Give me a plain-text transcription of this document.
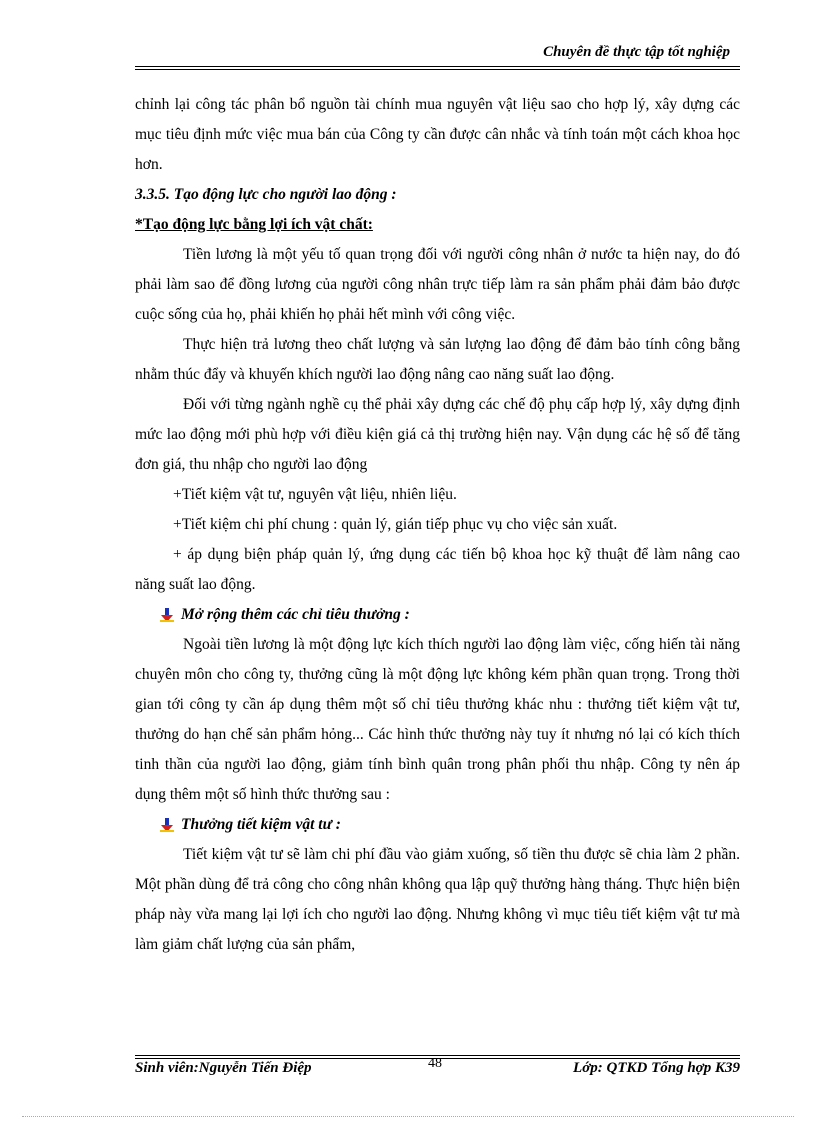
Chuyên đề thực tập tốt nghiệp

chỉnh lại công tác phân bổ nguồn tài chính mua nguyên vật liệu sao cho hợp lý, xây dựng các mục tiêu định mức việc mua bán của Công ty cần được cân nhắc và tính toán một cách khoa học hơn.

3.3.5. Tạo động lực cho người lao động :
*Tạo động lực bằng lợi ích vật chất:

Tiền lương là một yếu tố quan trọng đối với người công nhân ở nước ta hiện nay, do đó phải làm sao để đồng lương của người công nhân trực tiếp làm ra sản phẩm phải đảm bảo được cuộc sống của họ, phải khiến họ phải hết mình với công việc.

Thực hiện trả lương theo chất lượng và sản lượng lao động để đảm bảo tính công bằng nhằm thúc đẩy và khuyến khích người lao động nâng cao năng suất lao động.

Đối với từng ngành nghề cụ thể phải xây dựng các chế độ phụ cấp hợp lý, xây dựng định mức lao động mới phù hợp với điều kiện giá cả thị trường hiện nay. Vận dụng các hệ số để tăng đơn giá, thu nhập cho người lao động

+Tiết kiệm vật tư, nguyên vật liệu, nhiên liệu.
+Tiết kiệm chi phí chung : quản lý, gián tiếp phục vụ cho việc sản xuất.

+ áp dụng biện pháp quản lý, ứng dụng các tiến bộ khoa học kỹ thuật để làm nâng cao năng suất lao động.

Mở rộng thêm các chỉ tiêu thưởng :

Ngoài tiền lương là một động lực kích thích người lao động làm việc, cống hiến tài năng chuyên môn cho công ty, thưởng cũng là một động lực không kém phần quan trọng. Trong thời gian tới công ty cần áp dụng thêm một số chỉ tiêu thưởng khác nhu : thưởng tiết kiệm vật tư, thưởng do hạn chế sản phẩm hỏng... Các hình thức thưởng này tuy ít nhưng nó lại có kích thích tinh thần của người lao động, giảm tính bình quân trong phân phối thu nhập. Công ty nên áp dụng thêm một số hình thức thưởng sau :

Thưởng tiết kiệm vật tư :

Tiết kiệm vật tư sẽ làm chi phí đầu vào giảm xuống, số tiền thu được sẽ chia làm 2 phần. Một phần dùng để trả công cho công nhân không qua lập quỹ thưởng hàng tháng. Thực hiện biện pháp này vừa mang lại lợi ích cho người lao động. Nhưng không vì mục tiêu tiết kiệm vật tư mà làm giảm chất lượng của sản phẩm,

Sinh viên:Nguyễn Tiến Điệp	48	Lớp: QTKD Tổng hợp K39
